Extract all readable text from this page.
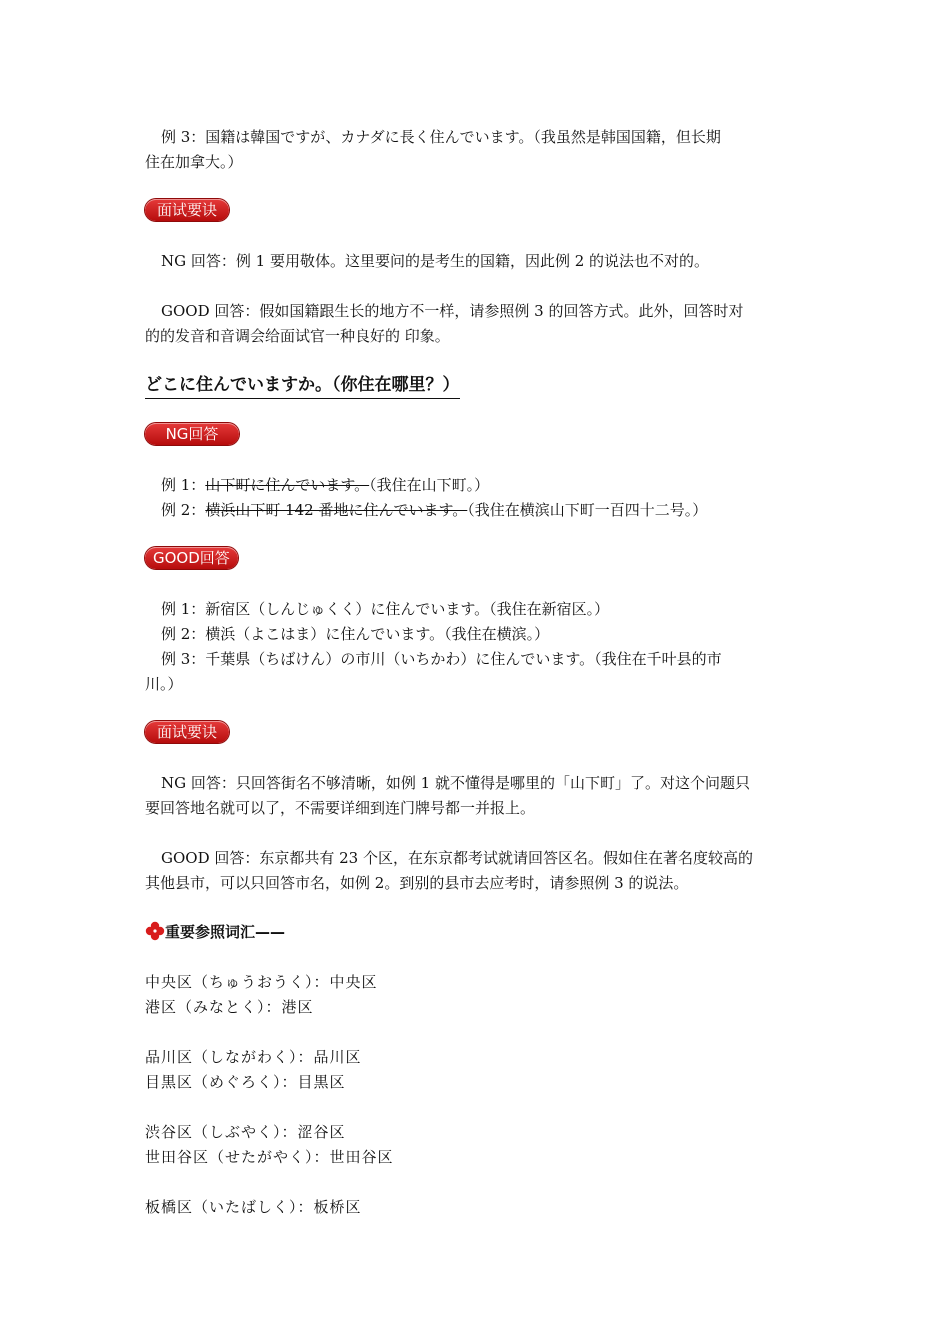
例 3：国籍は韓国ですが、カナダに長く住んでいます。（我虽然是韩国国籍，但长期

住在加拿大。）

面试要诀

NG 回答：例 1 要用敬体。这里要问的是考生的国籍，因此例 2 的说法也不对的。

GOOD 回答：假如国籍跟生长的地方不一样，请参照例 3 的回答方式。此外，回答时对

的的发音和音调会给面试官一种良好的 印象。

どこに住んでいますか。（你住在哪里？）
NG回答

例 1：山下町に住んでいます。（我住在山下町。）

例 2：横浜山下町 142 番地に住んでいます。（我住在横滨山下町一百四十二号。）

GOOD回答

例 1：新宿区（しんじゅくく）に住んでいます。（我住在新宿区。）

例 2：横浜（よこはま）に住んでいます。（我住在横滨。）

例 3：千葉県（ちばけん）の市川（いちかわ）に住んでいます。（我住在千叶县的市

川。）

面试要诀

NG 回答：只回答街名不够清晰，如例 1 就不懂得是哪里的「山下町」了。对这个问题只

要回答地名就可以了，不需要详细到连门牌号都一并报上。

GOOD 回答：东京都共有 23 个区，在东京都考试就请回答区名。假如住在著名度较高的

其他县市，可以只回答市名，如例 2。到别的县市去应考时，请参照例 3 的说法。

重要参照词汇——

中央区（ちゅうおうく）：中央区

港区（みなとく）：港区

品川区（しながわく）：品川区

目黒区（めぐろく）：目黒区

渋谷区（しぶやく）：涩谷区

世田谷区（せたがやく）：世田谷区

板橋区（いたばしく）：板桥区
